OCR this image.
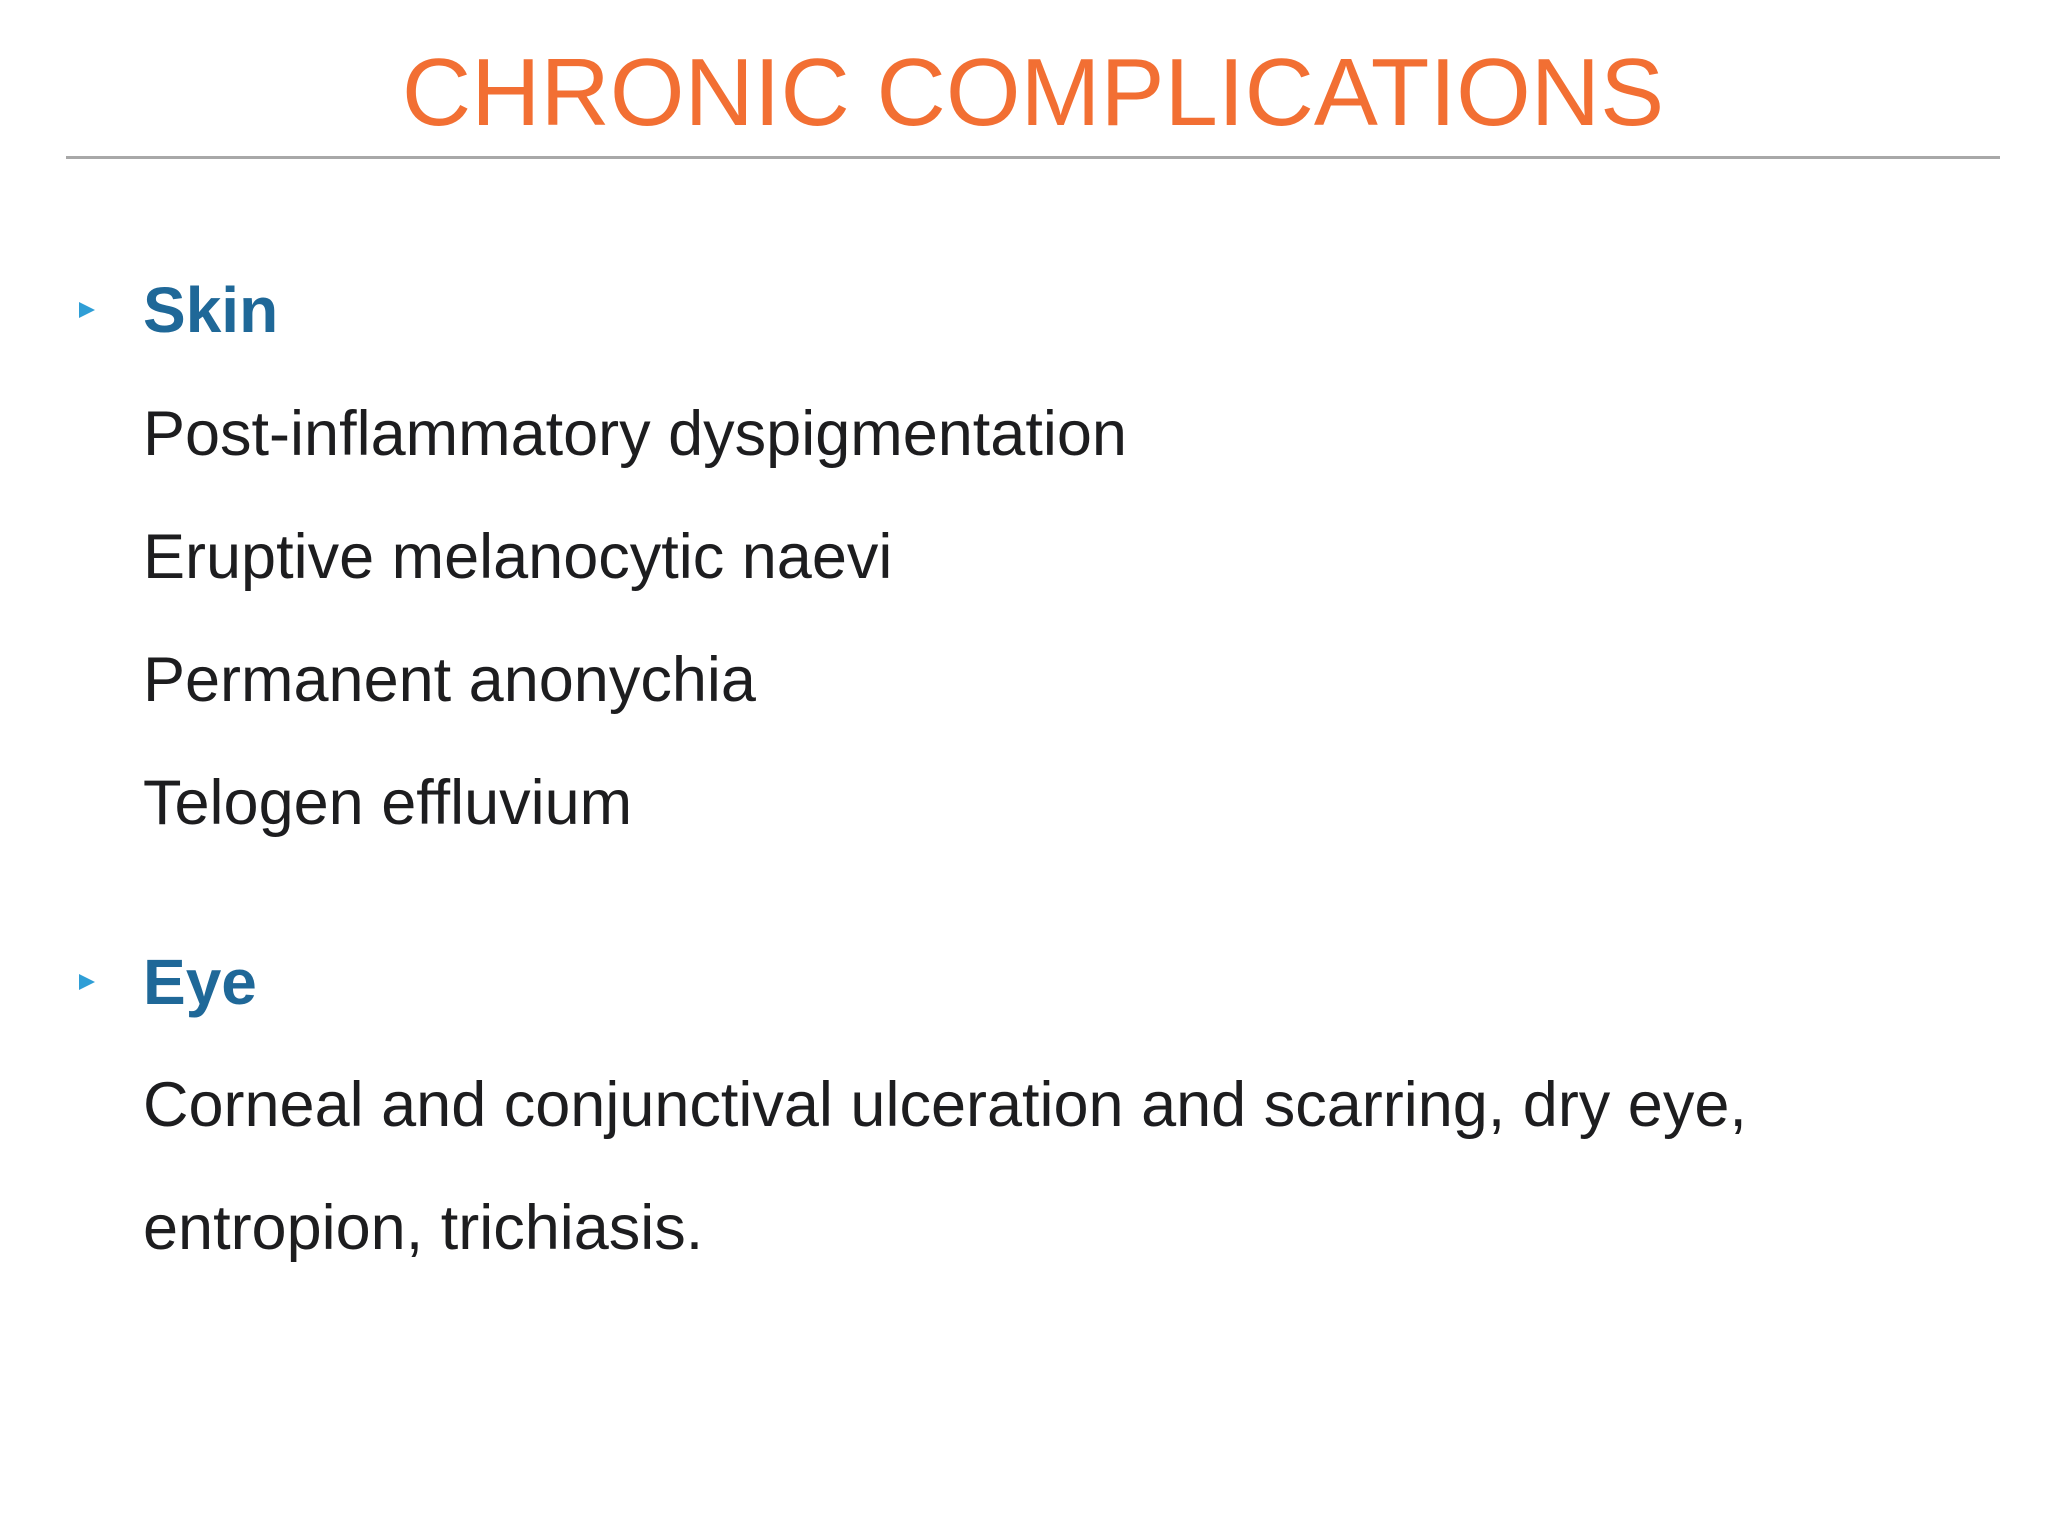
CHRONIC COMPLICATIONS
Skin
Post-inflammatory dyspigmentation
Eruptive melanocytic naevi
Permanent anonychia
Telogen effluvium
Eye
Corneal and conjunctival ulceration and scarring, dry eye,
entropion, trichiasis.
